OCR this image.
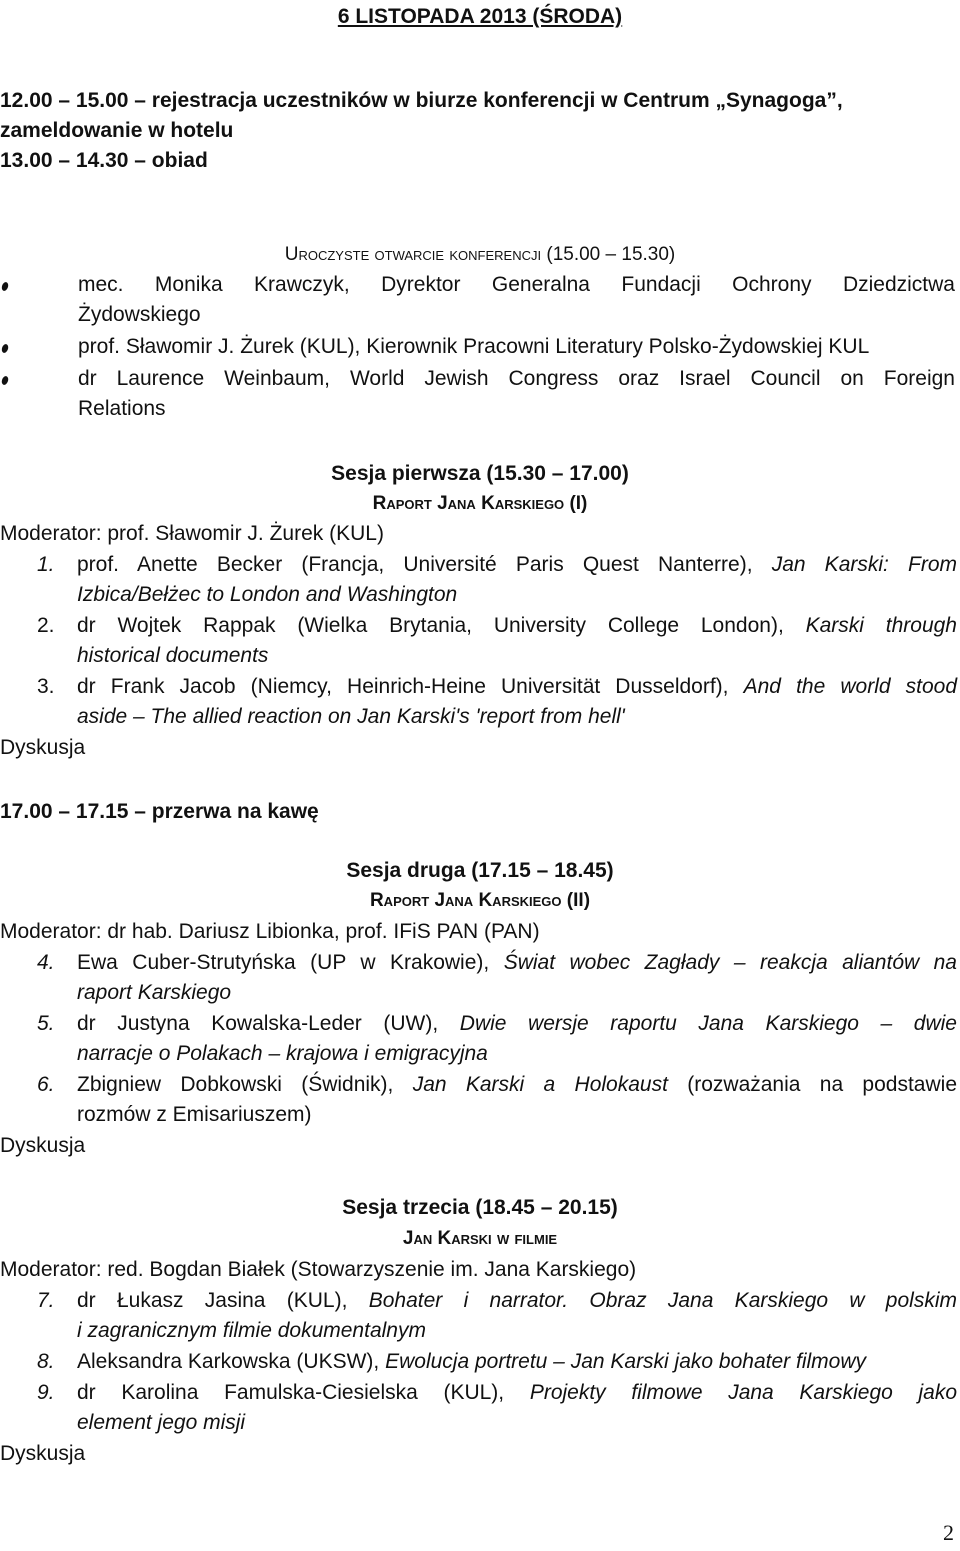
6 LISTOPADA 2013 (ŚRODA)
12.00 – 15.00 – rejestracja uczestników w biurze konferencji w Centrum „Synagoga”,
zameldowanie w hotelu
13.00 – 14.30 – obiad
Uroczyste otwarcie konferencji (15.00 – 15.30)
mec. Monika Krawczyk, Dyrektor Generalna Fundacji Ochrony Dziedzictwa
Żydowskiego
prof. Sławomir J. Żurek (KUL), Kierownik Pracowni Literatury Polsko-Żydowskiej KUL
dr Laurence Weinbaum, World Jewish Congress oraz Israel Council on Foreign
Relations
Sesja pierwsza (15.30 – 17.00)
Raport Jana Karskiego (I)
Moderator: prof. Sławomir J. Żurek (KUL)
1. prof. Anette Becker (Francja, Université Paris Quest Nanterre), Jan Karski: From
Izbica/Bełżec to London and Washington
2. dr Wojtek Rappak (Wielka Brytania, University College London), Karski through
historical documents
3. dr Frank Jacob (Niemcy, Heinrich-Heine Universität Dusseldorf), And the world stood
aside – The allied reaction on Jan Karski's 'report from hell'
Dyskusja
17.00 – 17.15 – przerwa na kawę
Sesja druga (17.15 – 18.45)
Raport Jana Karskiego (II)
Moderator: dr hab. Dariusz Libionka, prof. IFiS PAN (PAN)
4. Ewa Cuber-Strutyńska (UP w Krakowie), Świat wobec Zagłady – reakcja aliantów na
raport Karskiego
5. dr Justyna Kowalska-Leder (UW), Dwie wersje raportu Jana Karskiego – dwie
narracje o Polakach – krajowa i emigracyjna
6. Zbigniew Dobkowski (Świdnik), Jan Karski a Holokaust (rozważania na podstawie
rozmów z Emisariuszem)
Dyskusja
Sesja trzecia (18.45 – 20.15)
Jan Karski w filmie
Moderator: red. Bogdan Białek (Stowarzyszenie im. Jana Karskiego)
7. dr Łukasz Jasina (KUL), Bohater i narrator. Obraz Jana Karskiego w polskim
i zagranicznym filmie dokumentalnym
8. Aleksandra Karkowska (UKSW), Ewolucja portretu – Jan Karski jako bohater filmowy
9. dr Karolina Famulska-Ciesielska (KUL), Projekty filmowe Jana Karskiego jako
element jego misji
Dyskusja
2
